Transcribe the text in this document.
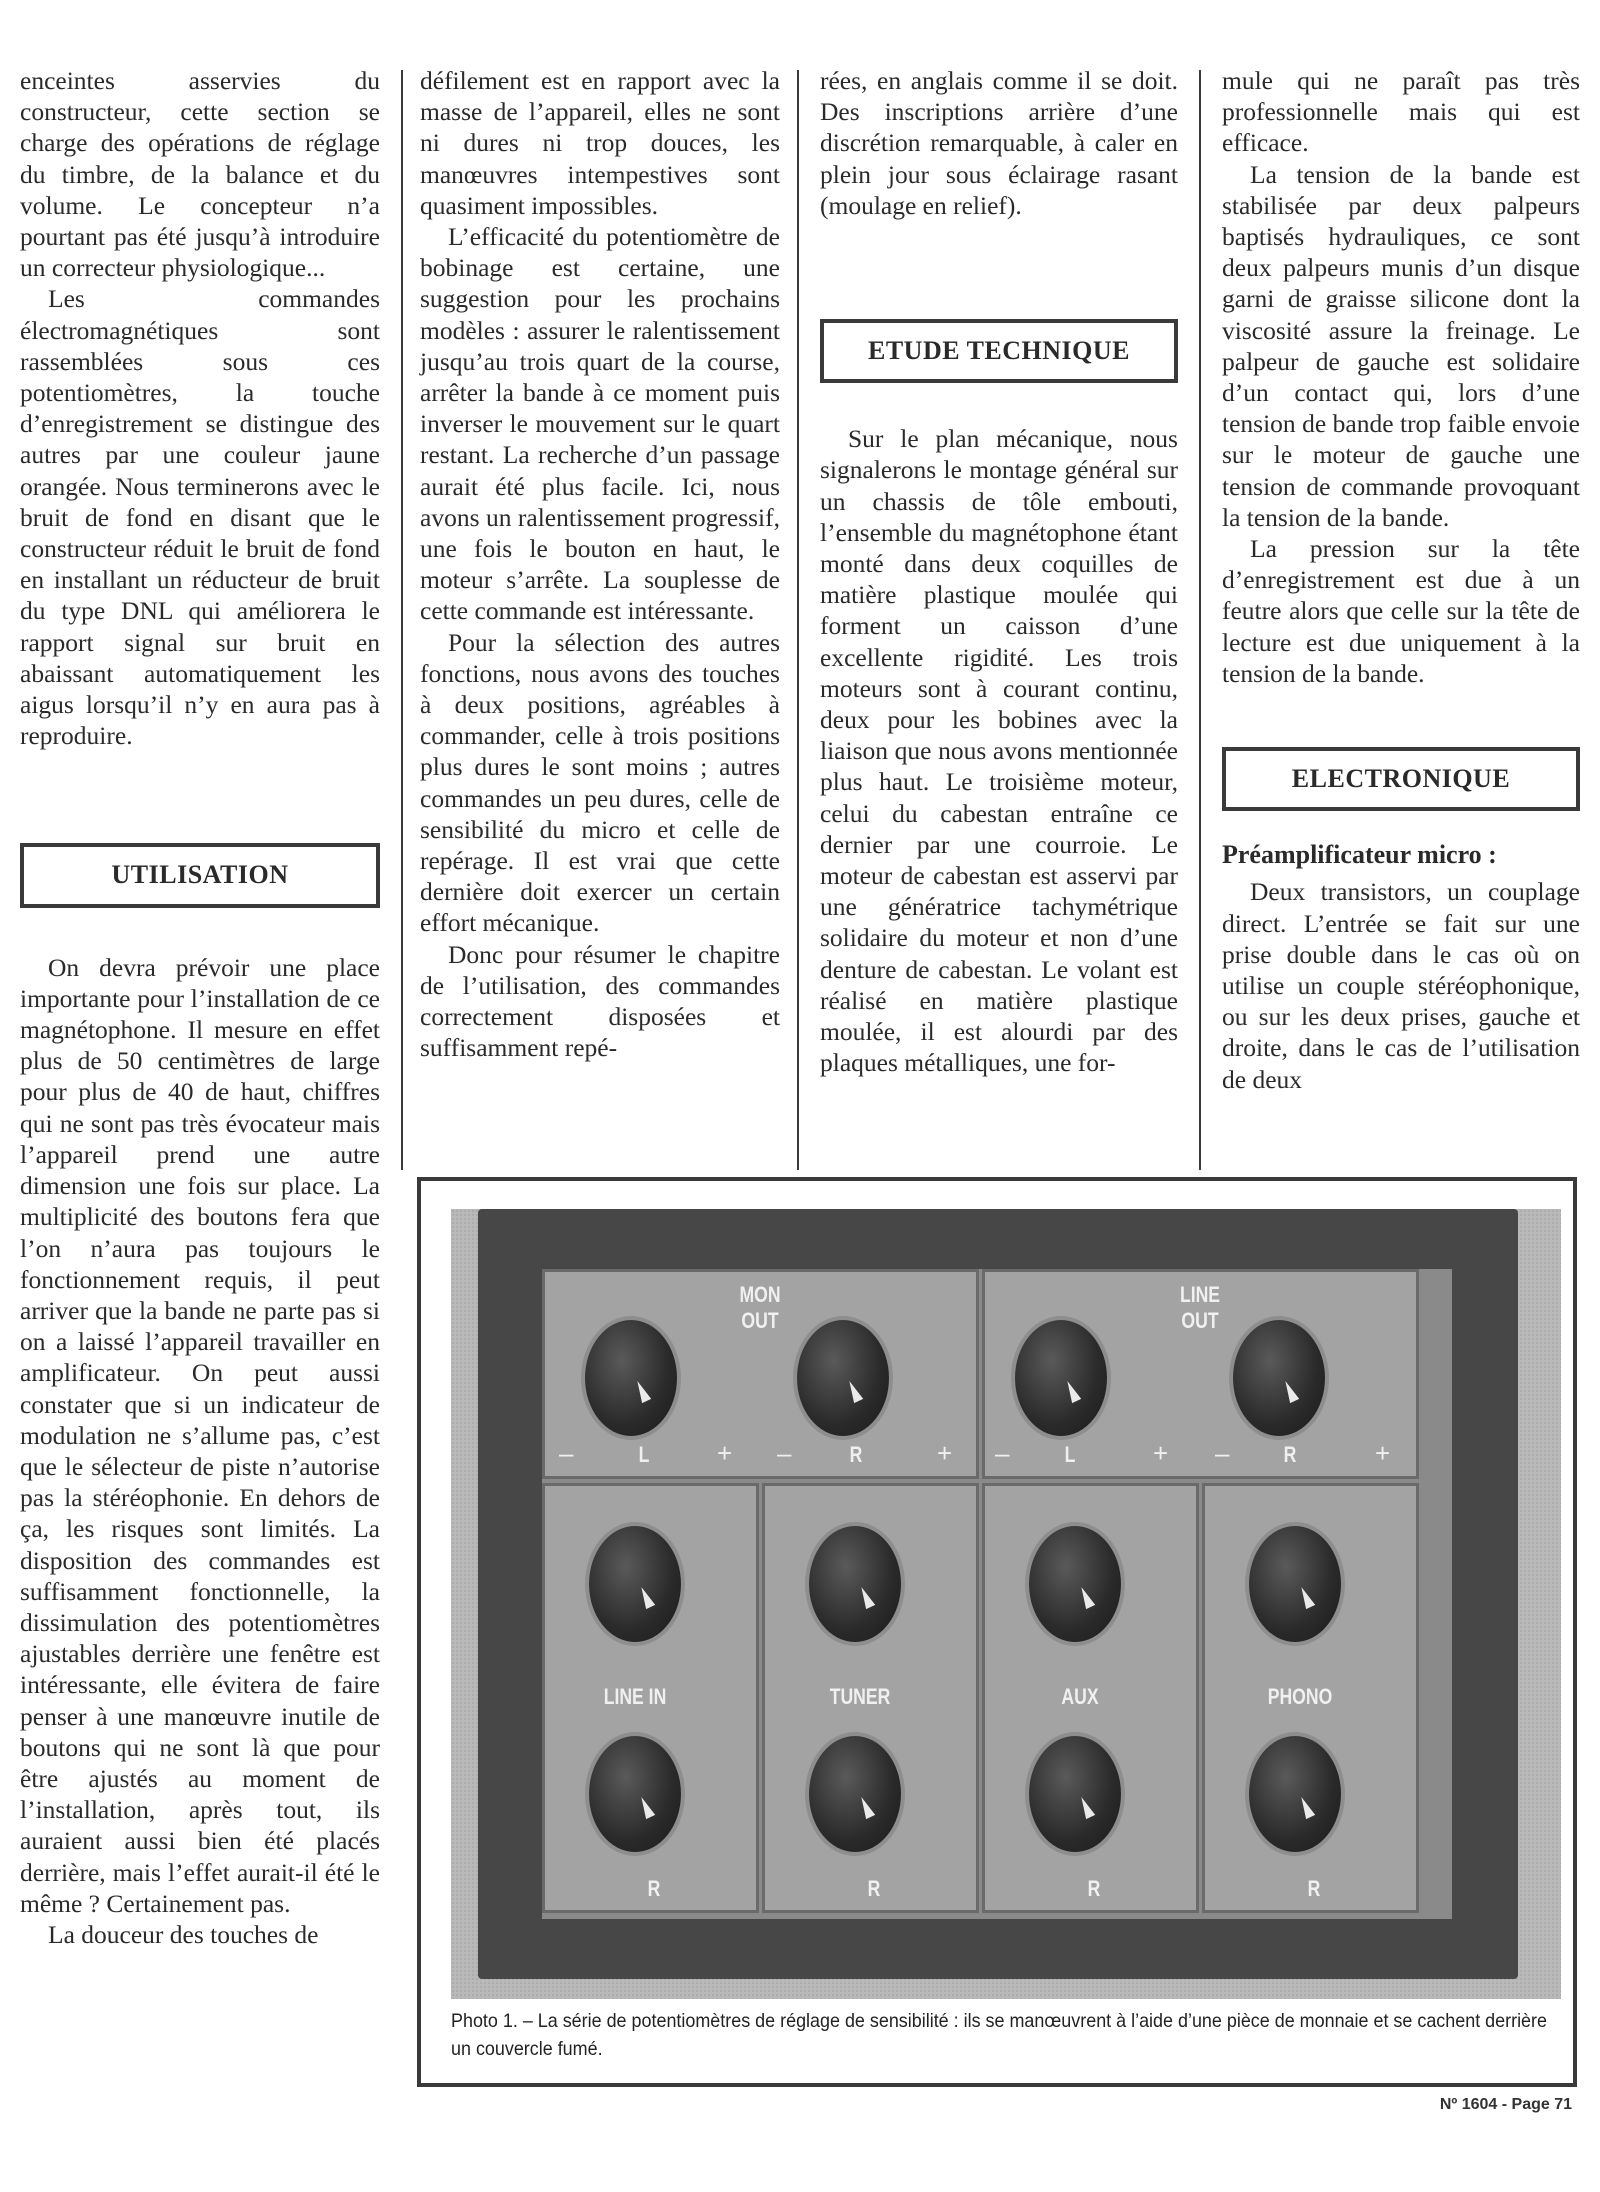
enceintes asservies du constructeur, cette section se charge des opérations de réglage du timbre, de la balance et du volume. Le concepteur n’a pourtant pas été jusqu’à introduire un correcteur physiologique...

Les commandes électromagnétiques sont rassemblées sous ces potentiomètres, la touche d’enregistrement se distingue des autres par une couleur jaune orangée. Nous terminerons avec le bruit de fond en disant que le constructeur réduit le bruit de fond en installant un réducteur de bruit du type DNL qui améliorera le rapport signal sur bruit en abaissant automatiquement les aigus lorsqu’il n’y en aura pas à reproduire.

UTILISATION

On devra prévoir une place importante pour l’installation de ce magnétophone. Il mesure en effet plus de 50 centimètres de large pour plus de 40 de haut, chiffres qui ne sont pas très évocateur mais l’appareil prend une autre dimension une fois sur place. La multiplicité des boutons fera que l’on n’aura pas toujours le fonctionnement requis, il peut arriver que la bande ne parte pas si on a laissé l’appareil travailler en amplificateur. On peut aussi constater que si un indicateur de modulation ne s’allume pas, c’est que le sélecteur de piste n’autorise pas la stéréophonie. En dehors de ça, les risques sont limités. La disposition des commandes est suffisamment fonctionnelle, la dissimulation des potentiomètres ajustables derrière une fenêtre est intéressante, elle évitera de faire penser à une manœuvre inutile de boutons qui ne sont là que pour être ajustés au moment de l’installation, après tout, ils auraient aussi bien été placés derrière, mais l’effet aurait-il été le même ? Certainement pas.

La douceur des touches de

défilement est en rapport avec la masse de l’appareil, elles ne sont ni dures ni trop douces, les manœuvres intempestives sont quasiment impossibles.

L’efficacité du potentiomètre de bobinage est certaine, une suggestion pour les prochains modèles : assurer le ralentissement jusqu’au trois quart de la course, arrêter la bande à ce moment puis inverser le mouvement sur le quart restant. La recherche d’un passage aurait été plus facile. Ici, nous avons un ralentissement progressif, une fois le bouton en haut, le moteur s’arrête. La souplesse de cette commande est intéressante.

Pour la sélection des autres fonctions, nous avons des touches à deux positions, agréables à commander, celle à trois positions plus dures le sont moins ; autres commandes un peu dures, celle de sensibilité du micro et celle de repérage. Il est vrai que cette dernière doit exercer un certain effort mécanique.

Donc pour résumer le chapitre de l’utilisation, des commandes correctement disposées et suffisamment repé-

rées, en anglais comme il se doit. Des inscriptions arrière d’une discrétion remarquable, à caler en plein jour sous éclairage rasant (moulage en relief).

ETUDE TECHNIQUE

Sur le plan mécanique, nous signalerons le montage général sur un chassis de tôle embouti, l’ensemble du magnétophone étant monté dans deux coquilles de matière plastique moulée qui forment un caisson d’une excellente rigidité. Les trois moteurs sont à courant continu, deux pour les bobines avec la liaison que nous avons mentionnée plus haut. Le troisième moteur, celui du cabestan entraîne ce dernier par une courroie. Le moteur de cabestan est asservi par une génératrice tachymétrique solidaire du moteur et non d’une denture de cabestan. Le volant est réalisé en matière plastique moulée, il est alourdi par des plaques métalliques, une for-

mule qui ne paraît pas très professionnelle mais qui est efficace.

La tension de la bande est stabilisée par deux palpeurs baptisés hydrauliques, ce sont deux palpeurs munis d’un disque garni de graisse silicone dont la viscosité assure la freinage. Le palpeur de gauche est solidaire d’un contact qui, lors d’une tension de bande trop faible envoie sur le moteur de gauche une tension de commande provoquant la tension de la bande.

La pression sur la tête d’enregistrement est due à un feutre alors que celle sur la tête de lecture est due uniquement à la tension de la bande.

ELECTRONIQUE

Préamplificateur micro :

Deux transistors, un couplage direct. L’entrée se fait sur une prise double dans le cas où on utilise un couple stéréophonique, ou sur les deux prises, gauche et droite, dans le cas de l’utilisation de deux

MON OUT
–	L	+ –	R	+
LINE OUT
–	L	+ – R	+
LINE IN
R
TUNER
R
AUX
R
PHONO
R
Photo 1. – La série de potentiomètres de réglage de sensibilité : ils se manœuvrent à l’aide d’une pièce de monnaie et se cachent derrière un couvercle fumé.
Nº 1604 - Page 71
